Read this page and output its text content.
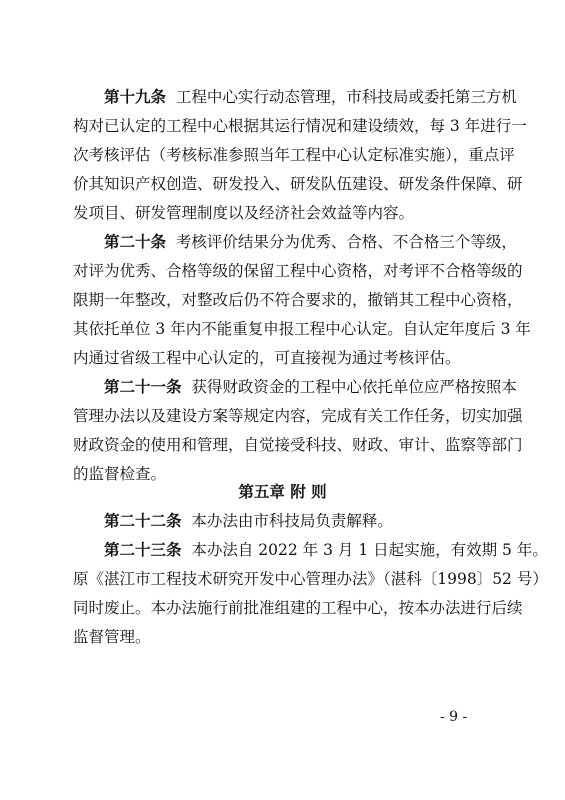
第十九条 工程中心实行动态管理，市科技局或委托第三方机
构对已认定的工程中心根据其运行情况和建设绩效，每 3 年进行一
次考核评估（考核标准参照当年工程中心认定标准实施），重点评
价其知识产权创造、研发投入、研发队伍建设、研发条件保障、研
发项目、研发管理制度以及经济社会效益等内容。
第二十条 考核评价结果分为优秀、合格、不合格三个等级，
对评为优秀、合格等级的保留工程中心资格，对考评不合格等级的
限期一年整改，对整改后仍不符合要求的，撤销其工程中心资格，
其依托单位 3 年内不能重复申报工程中心认定。自认定年度后 3 年
内通过省级工程中心认定的，可直接视为通过考核评估。
第二十一条 获得财政资金的工程中心依托单位应严格按照本
管理办法以及建设方案等规定内容，完成有关工作任务，切实加强
财政资金的使用和管理，自觉接受科技、财政、审计、监察等部门
的监督检查。
第五章 附 则
第二十二条 本办法由市科技局负责解释。
第二十三条 本办法自 2022 年 3 月 1 日起实施，有效期 5 年。
原《湛江市工程技术研究开发中心管理办法》（湛科〔1998〕52 号）
同时废止。本办法施行前批准组建的工程中心，按本办法进行后续
监督管理。
- 9 -
